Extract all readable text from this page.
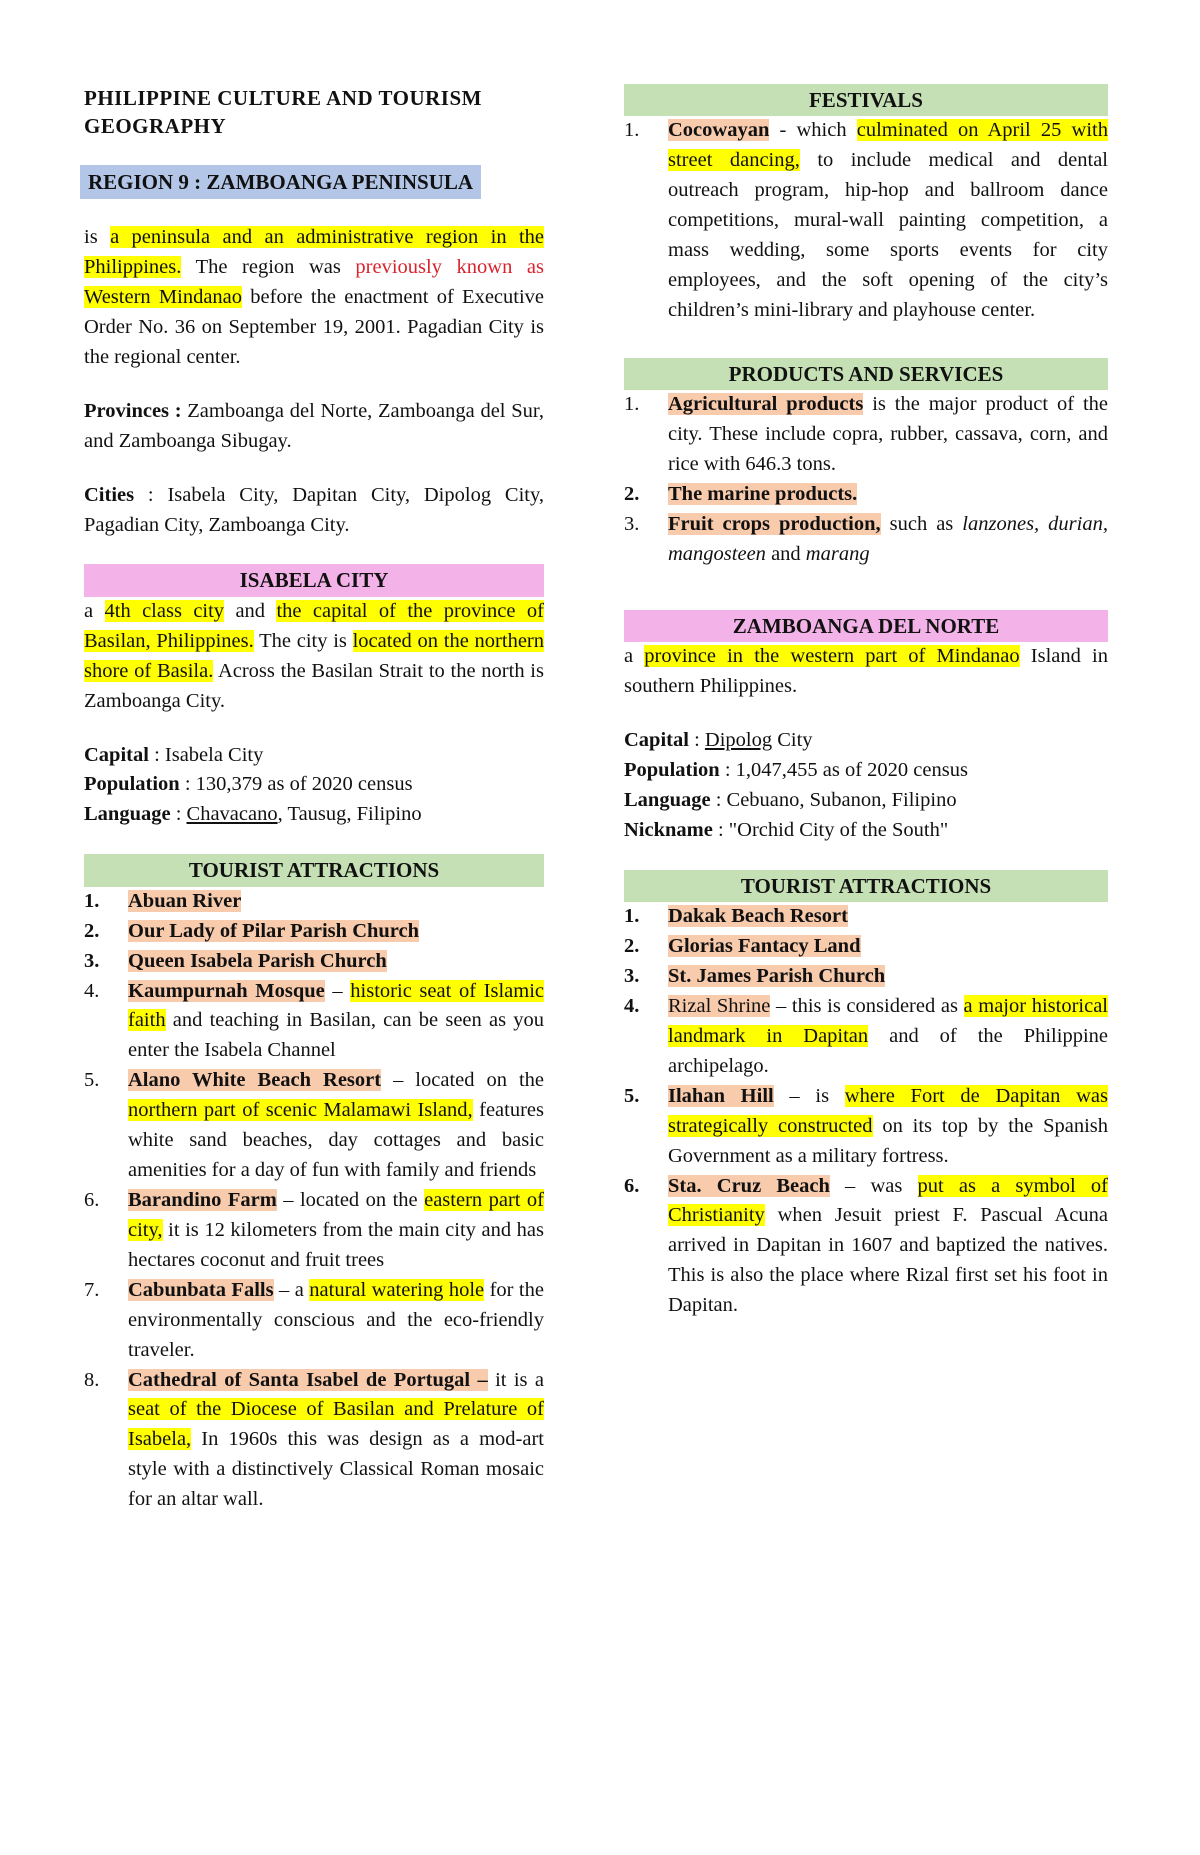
PHILIPPINE CULTURE AND TOURISM
GEOGRAPHY

REGION 9 : ZAMBOANGA PENINSULA

is a peninsula and an administrative region in the Philippines. The region was previously known as Western Mindanao before the enactment of Executive Order No. 36 on September 19, 2001. Pagadian City is the regional center.

Provinces : Zamboanga del Norte, Zamboanga del Sur, and Zamboanga Sibugay.

Cities : Isabela City, Dapitan City, Dipolog City, Pagadian City, Zamboanga City.

ISABELA CITY

a 4th class city and the capital of the province of Basilan, Philippines. The city is located on the northern shore of Basila. Across the Basilan Strait to the north is Zamboanga City.

Capital : Isabela City
Population : 130,379 as of 2020 census
Language : Chavacano, Tausug, Filipino
TOURIST ATTRACTIONS
1.	Abuan River
2.	Our Lady of Pilar Parish Church
3.	Queen Isabela Parish Church
4.	Kaumpurnah Mosque – historic seat of Islamic faith and teaching in Basilan, can be seen as you enter the Isabela Channel
5.	Alano White Beach Resort – located on the northern part of scenic Malamawi Island, features white sand beaches, day cottages and basic amenities for a day of fun with family and friends
6.	Barandino Farm – located on the eastern part of city, it is 12 kilometers from the main city and has hectares coconut and fruit trees
7.	Cabunbata Falls – a natural watering hole for the environmentally conscious and the eco-friendly traveler.
8.	Cathedral of Santa Isabel de Portugal – it is a seat of the Diocese of Basilan and Prelature of Isabela, In 1960s this was design as a mod-art style with a distinctively Classical Roman mosaic for an altar wall.
FESTIVALS
1.	Cocowayan - which culminated on April 25 with street dancing, to include medical and dental outreach program, hip-hop and ballroom dance competitions, mural-wall painting competition, a mass wedding, some sports events for city employees, and the soft opening of the city’s children’s mini-library and playhouse center.
PRODUCTS AND SERVICES
1.	Agricultural products is the major product of the city. These include copra, rubber, cassava, corn, and rice with 646.3 tons.
2.	The marine products.
3.	Fruit crops production, such as lanzones, durian, mangosteen and marang
ZAMBOANGA DEL NORTE

a province in the western part of Mindanao Island in southern Philippines.

Capital : Dipolog City
Population : 1,047,455 as of 2020 census
Language : Cebuano, Subanon, Filipino
Nickname : "Orchid City of the South"
TOURIST ATTRACTIONS
1.	Dakak Beach Resort
2.	Glorias Fantacy Land
3.	St. James Parish Church
4.	Rizal Shrine – this is considered as a major historical landmark in Dapitan and of the Philippine archipelago.
5.	Ilahan Hill – is where Fort de Dapitan was strategically constructed on its top by the Spanish Government as a military fortress.
6.	Sta. Cruz Beach – was put as a symbol of Christianity when Jesuit priest F. Pascual Acuna arrived in Dapitan in 1607 and baptized the natives. This is also the place where Rizal first set his foot in Dapitan.
